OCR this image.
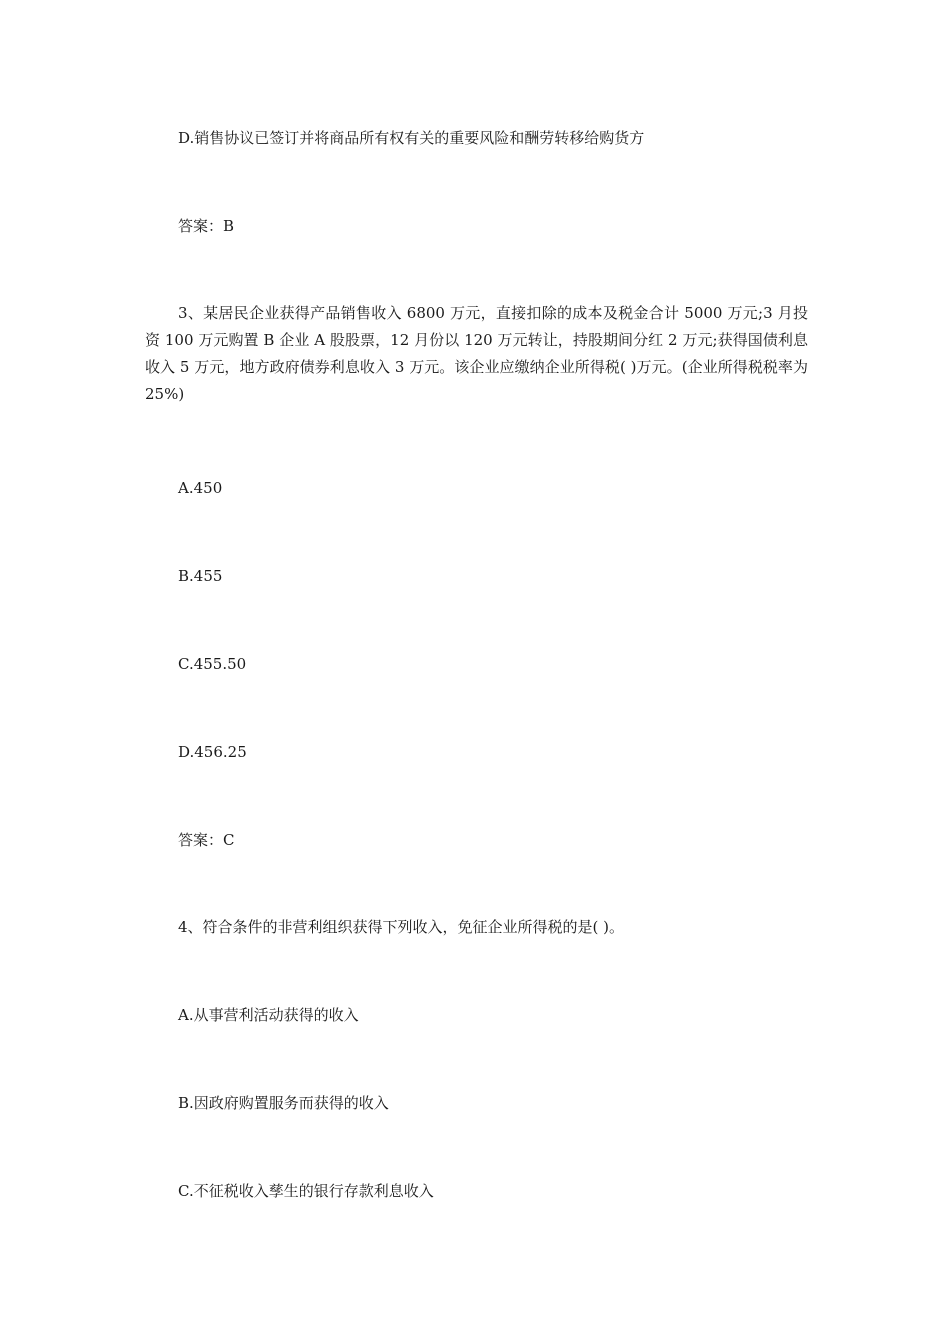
D.销售协议已签订并将商品所有权有关的重要风险和酬劳转移给购货方
答案：B

3、某居民企业获得产品销售收入 6800 万元，直接扣除的成本及税金合计 5000 万元;3 月投资 100 万元购置 B 企业 A 股股票，12 月份以 120 万元转让，持股期间分红 2 万元;获得国债利息收入 5 万元，地方政府债券利息收入 3 万元。该企业应缴纳企业所得税( )万元。(企业所得税税率为 25%)

A.450
B.455
C.455.50
D.456.25
答案：C
4、符合条件的非营利组织获得下列收入，免征企业所得税的是( )。
A.从事营利活动获得的收入
B.因政府购置服务而获得的收入
C.不征税收入孳生的银行存款利息收入
